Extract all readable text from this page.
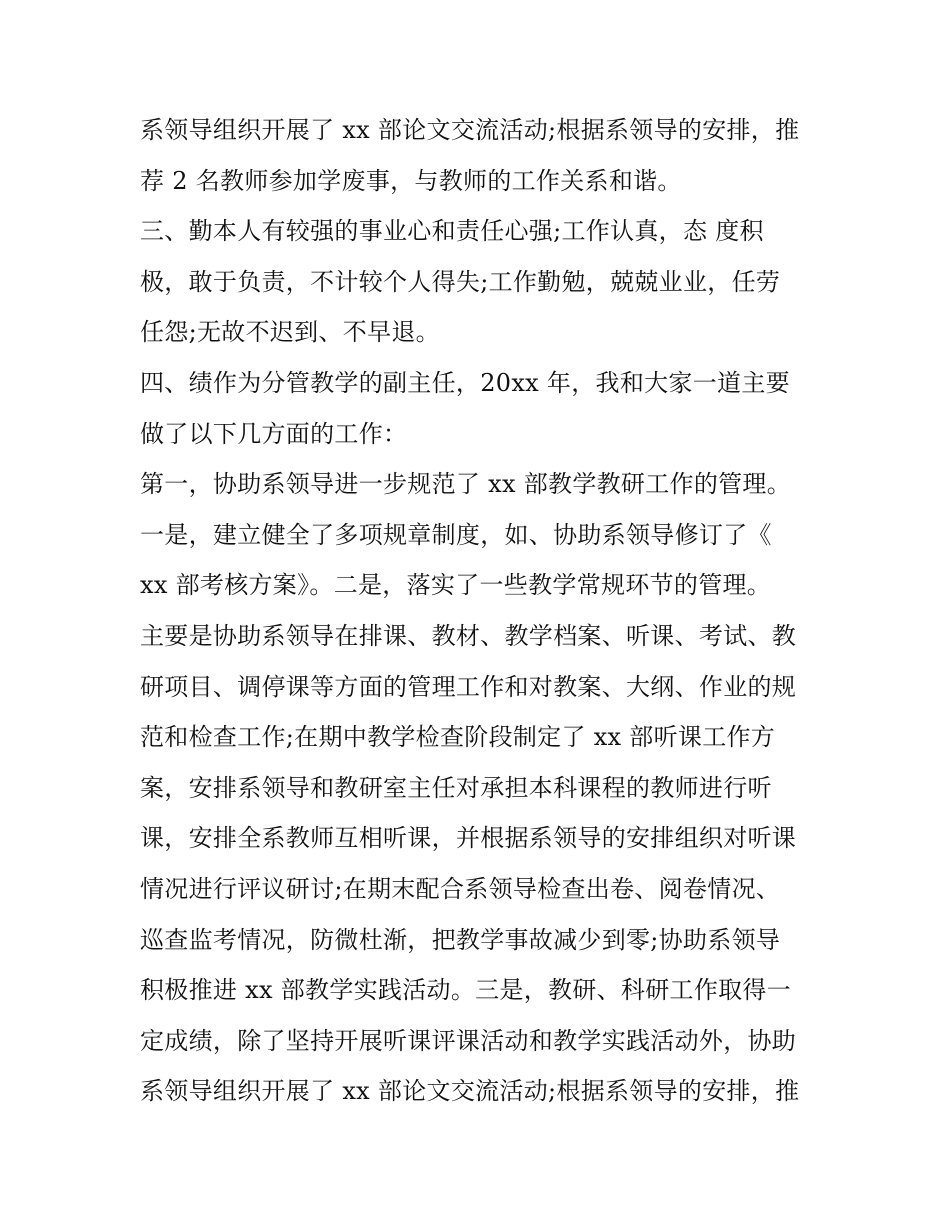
系领导组织开展了 xx 部论文交流活动;根据系领导的安排，推
荐 2 名教师参加学废事，与教师的工作关系和谐。
三、勤本人有较强的事业心和责任心强;工作认真，态 度积
极，敢于负责，不计较个人得失;工作勤勉，兢兢业业，任劳
任怨;无故不迟到、不早退。
四、绩作为分管教学的副主任，20xx 年，我和大家一道主要
做了以下几方面的工作：
第一，协助系领导进一步规范了 xx 部教学教研工作的管理。
一是，建立健全了多项规章制度，如、协助系领导修订了《
xx 部考核方案》。二是，落实了一些教学常规环节的管理。
主要是协助系领导在排课、教材、教学档案、听课、考试、教
研项目、调停课等方面的管理工作和对教案、大纲、作业的规
范和检查工作;在期中教学检查阶段制定了 xx 部听课工作方
案，安排系领导和教研室主任对承担本科课程的教师进行听
课，安排全系教师互相听课，并根据系领导的安排组织对听课
情况进行评议研讨;在期末配合系领导检查出卷、阅卷情况、
巡查监考情况，防微杜渐，把教学事故减少到零;协助系领导
积极推进 xx 部教学实践活动。三是，教研、科研工作取得一
定成绩，除了坚持开展听课评课活动和教学实践活动外，协助
系领导组织开展了 xx 部论文交流活动;根据系领导的安排，推
